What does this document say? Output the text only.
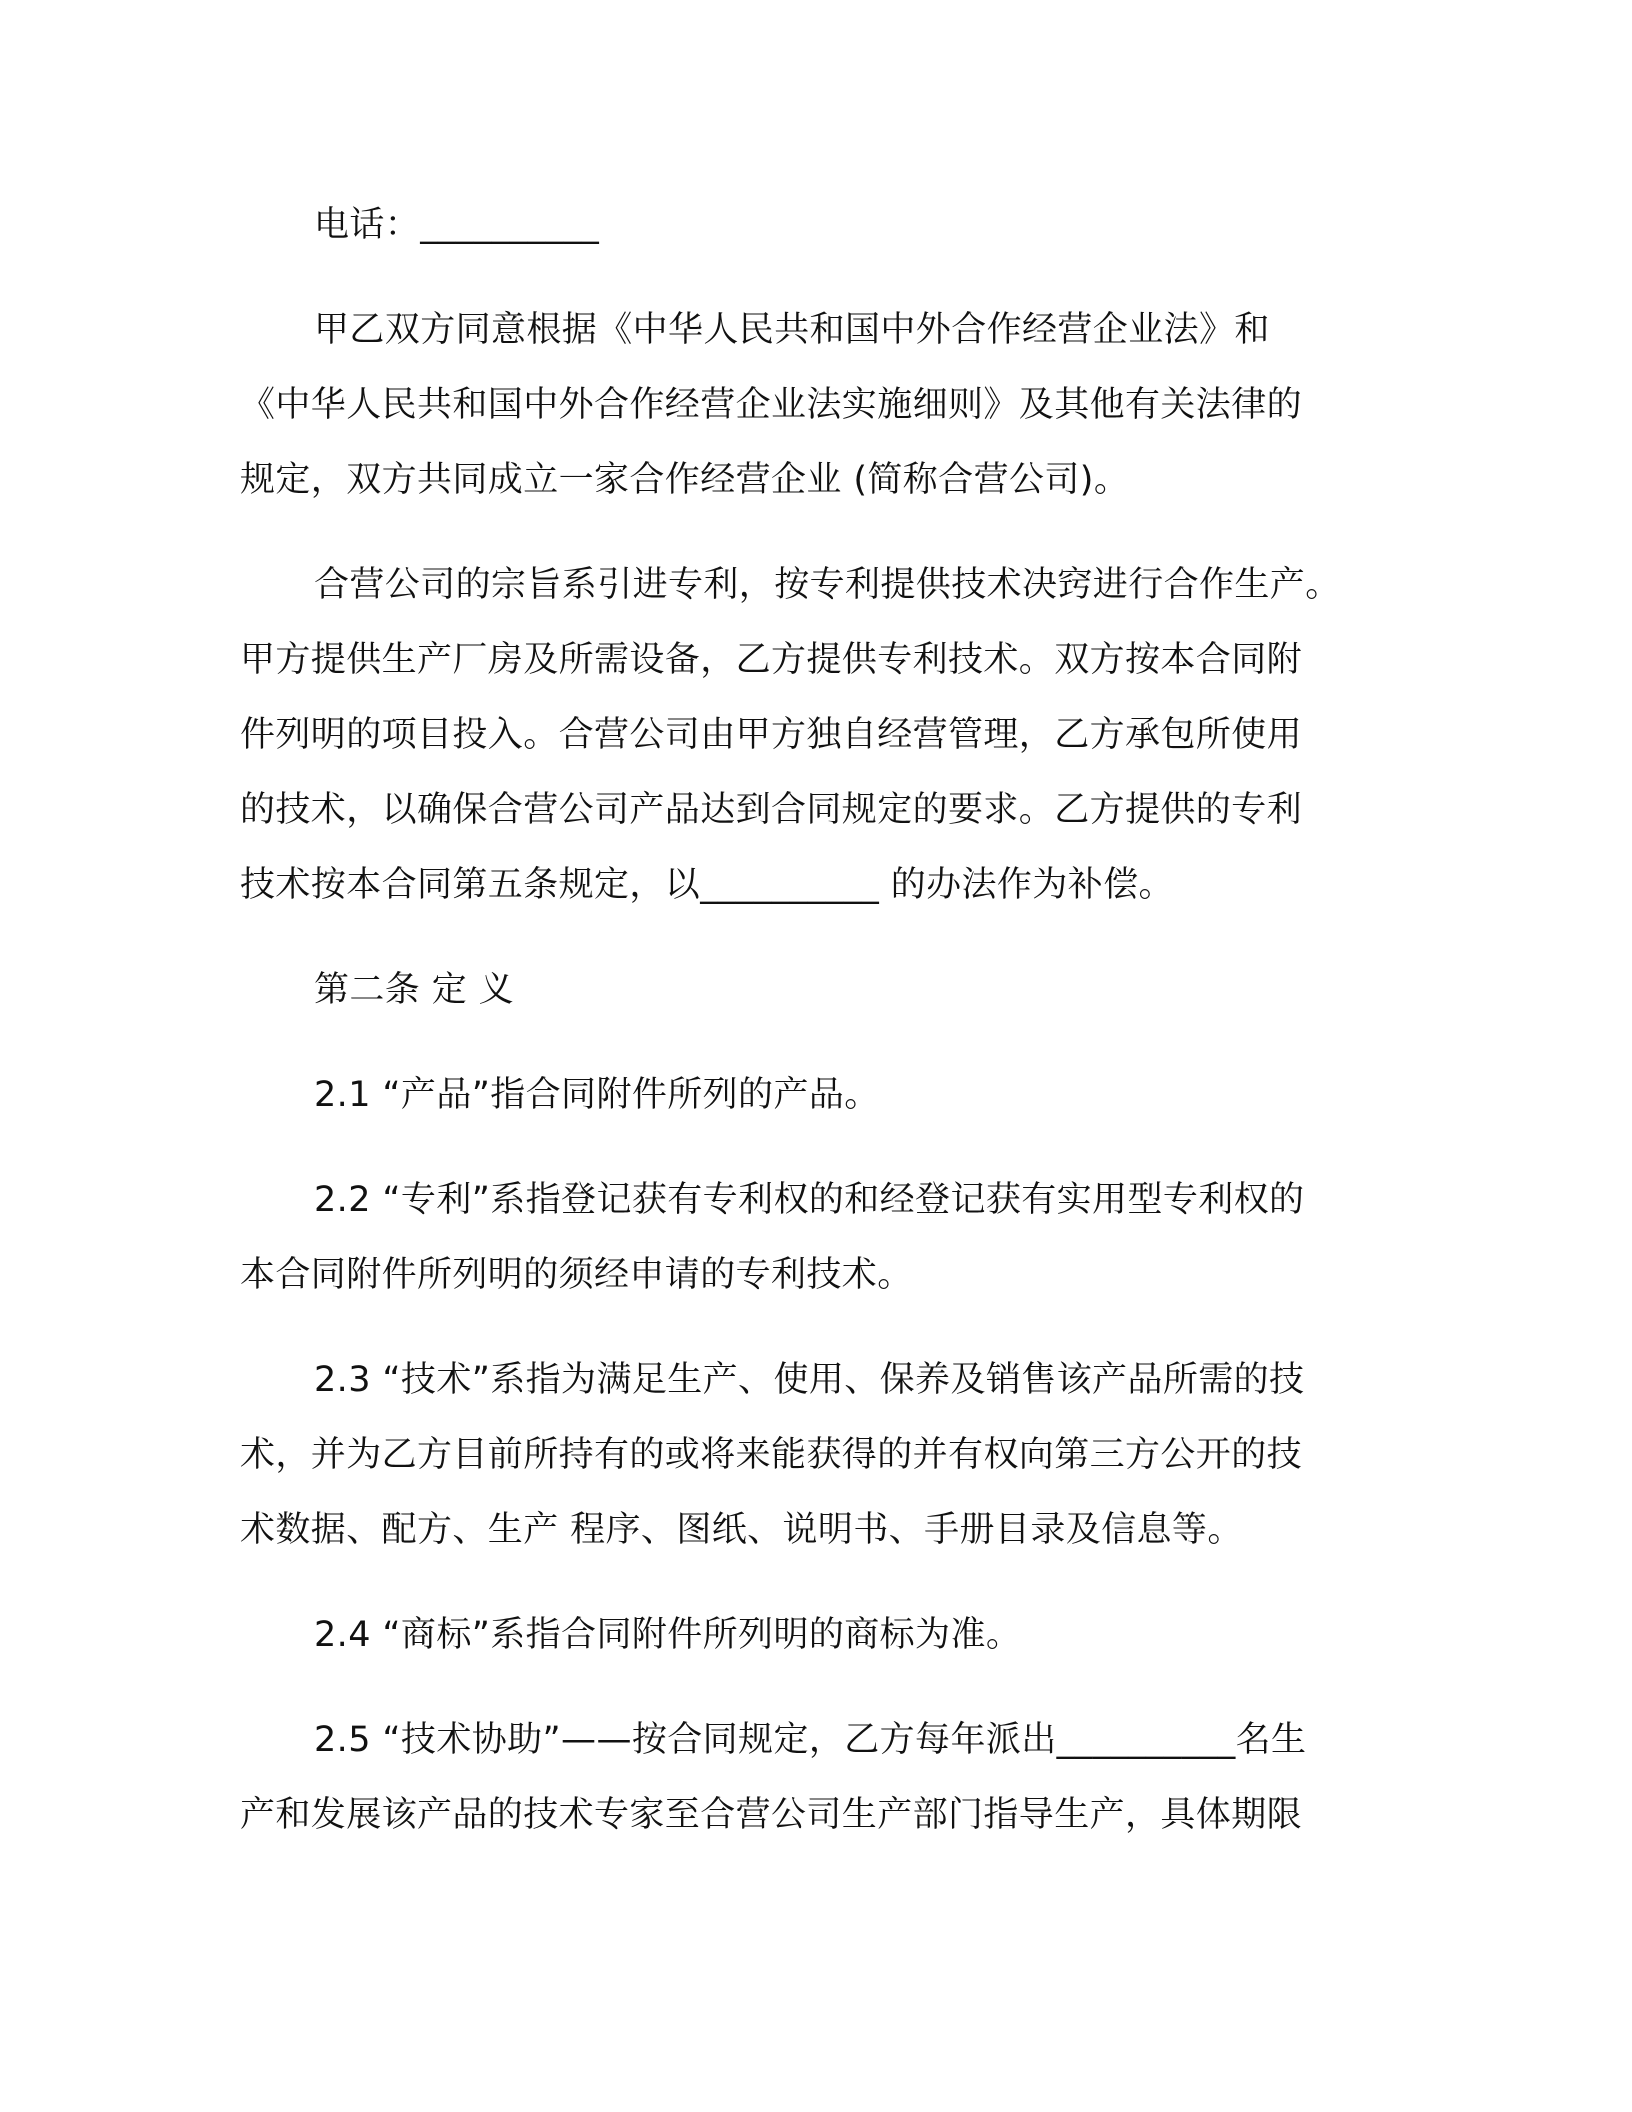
电话：__________

甲乙双方同意根据《中华人民共和国中外合作经营企业法》和
《中华人民共和国中外合作经营企业法实施细则》及其他有关法律的
规定，双方共同成立一家合作经营企业 (简称合营公司)。

合营公司的宗旨系引进专利，按专利提供技术决窍进行合作生产。
甲方提供生产厂房及所需设备，乙方提供专利技术。双方按本合同附
件列明的项目投入。合营公司由甲方独自经营管理，乙方承包所使用
的技术，以确保合营公司产品达到合同规定的要求。乙方提供的专利
技术按本合同第五条规定，以__________ 的办法作为补偿。

第二条 定 义

2.1 “产品”指合同附件所列的产品。

2.2 “专利”系指登记获有专利权的和经登记获有实用型专利权的
本合同附件所列明的须经申请的专利技术。

2.3 “技术”系指为满足生产、使用、保养及销售该产品所需的技
术，并为乙方目前所持有的或将来能获得的并有权向第三方公开的技
术数据、配方、生产 程序、图纸、说明书、手册目录及信息等。

2.4 “商标”系指合同附件所列明的商标为准。

2.5 “技术协助”——按合同规定，乙方每年派出__________名生
产和发展该产品的技术专家至合营公司生产部门指导生产，具体期限
